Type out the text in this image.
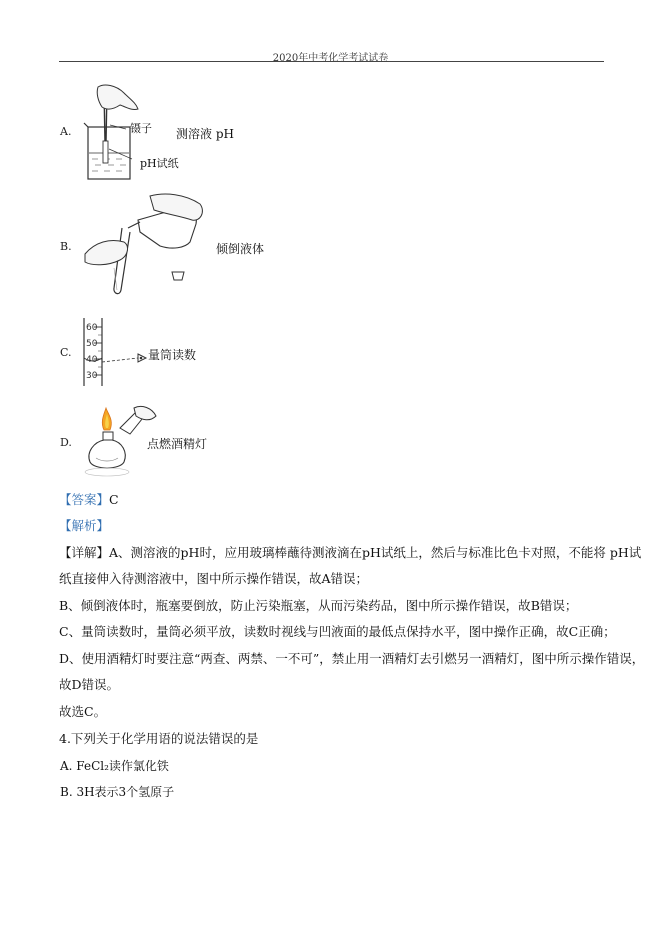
2020年中考化学考试试卷
A.	镊子
pH试纸
测溶液 pH
B.	倾倒液体
C.
60
50
40
30
量筒读数
D.	点燃酒精灯
【答案】C
【解析】
【详解】A、测溶液的pH时，应用玻璃棒蘸待测液滴在pH试纸上，然后与标准比色卡对照，不能将 pH试
纸直接伸入待测溶液中，图中所示操作错误，故A错误；
B、倾倒液体时，瓶塞要倒放，防止污染瓶塞，从而污染药品，图中所示操作错误，故B错误；
C、量筒读数时，量筒必须平放，读数时视线与凹液面的最低点保持水平，图中操作正确，故C正确；
D、使用酒精灯时要注意“两查、两禁、一不可”，禁止用一酒精灯去引燃另一酒精灯，图中所示操作错误，
故D错误。
故选C。
4.下列关于化学用语的说法错误的是
A. FeCl₂读作氯化铁
B. 3H表示3个氢原子
